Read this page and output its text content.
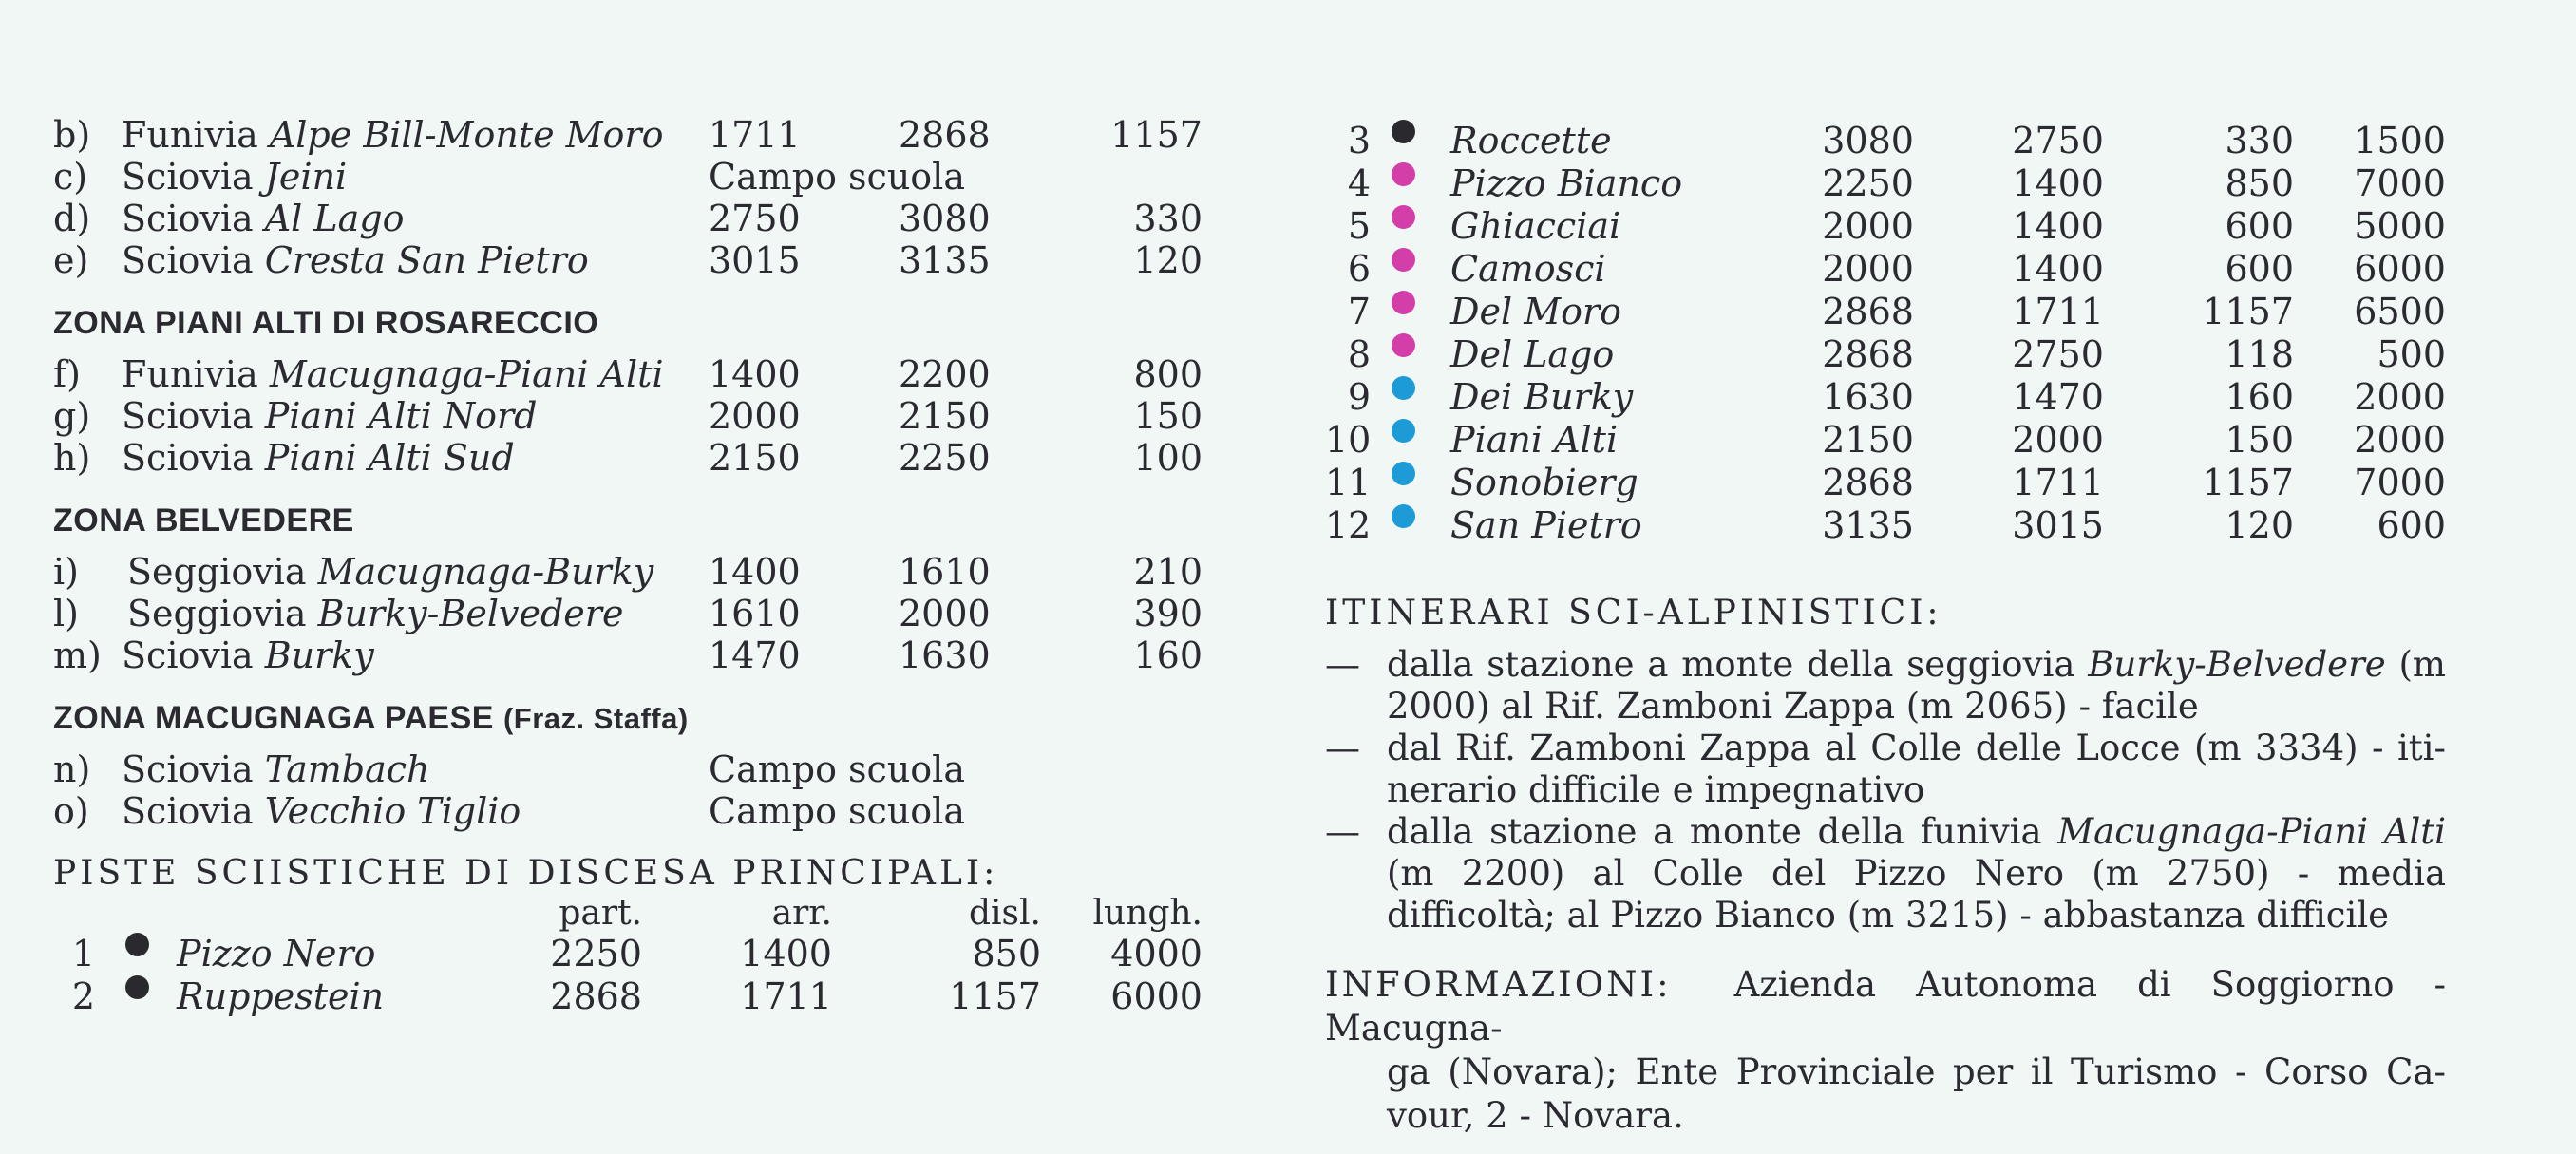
b) Funivia Alpe Bill-Monte Moro 1711	2868	1157
c) Sciovia Jeini	Campo scuola
d) Sciovia Al Lago	2750	3080	330
e) Sciovia Cresta San Pietro	3015	3135	120
ZONA PIANI ALTI DI ROSARECCIO
f) Funivia Macugnaga-Piani Alti 1400	2200	800
g) Sciovia Piani Alti Nord	2000	2150	150
h) Sciovia Piani Alti Sud	2150	2250	100
ZONA BELVEDERE
i) Seggiovia Macugnaga-Burky 1400	1610	210
l) Seggiovia Burky-Belvedere 1610	2000	390
m) Sciovia Burky	1470	1630	160
ZONA MACUGNAGA PAESE (Fraz. Staffa)
n) Sciovia Tambach	Campo scuola
o) Sciovia Vecchio Tiglio	Campo scuola
PISTE SCIISTICHE DI DISCESA PRINCIPALI:
part.	arr.	disl.	lungh.
1 Pizzo Nero	2250	1400	850	4000
2 Ruppestein	2868	1711	1157	6000
3 Roccette	3080	2750	330	1500
4 Pizzo Bianco	2250	1400	850	7000
5 Ghiacciai	2000	1400	600	5000
6 Camosci	2000	1400	600	6000
7 Del Moro	2868	1711	1157	6500
8 Del Lago	2868	2750	118	500
9 Dei Burky	1630	1470	160	2000
10 Piani Alti	2150	2000	150	2000
11 Sonobierg	2868	1711	1157	7000
12 San Pietro	3135	3015	120	600
ITINERARI SCI-ALPINISTICI:
— dalla stazione a monte della seggiovia Burky-Belvedere (m 2000) al Rif. Zamboni Zappa (m 2065) - facile
— dal Rif. Zamboni Zappa al Colle delle Locce (m 3334) - iti-nerario difficile e impegnativo
— dalla stazione a monte della funivia Macugnaga-Piani Alti (m 2200) al Colle del Pizzo Nero (m 2750) - media difficoltà; al Pizzo Bianco (m 3215) - abbastanza difficile
INFORMAZIONI: Azienda Autonoma di Soggiorno - Macugna-
ga (Novara); Ente Provinciale per il Turismo - Corso Ca-vour, 2 - Novara.
